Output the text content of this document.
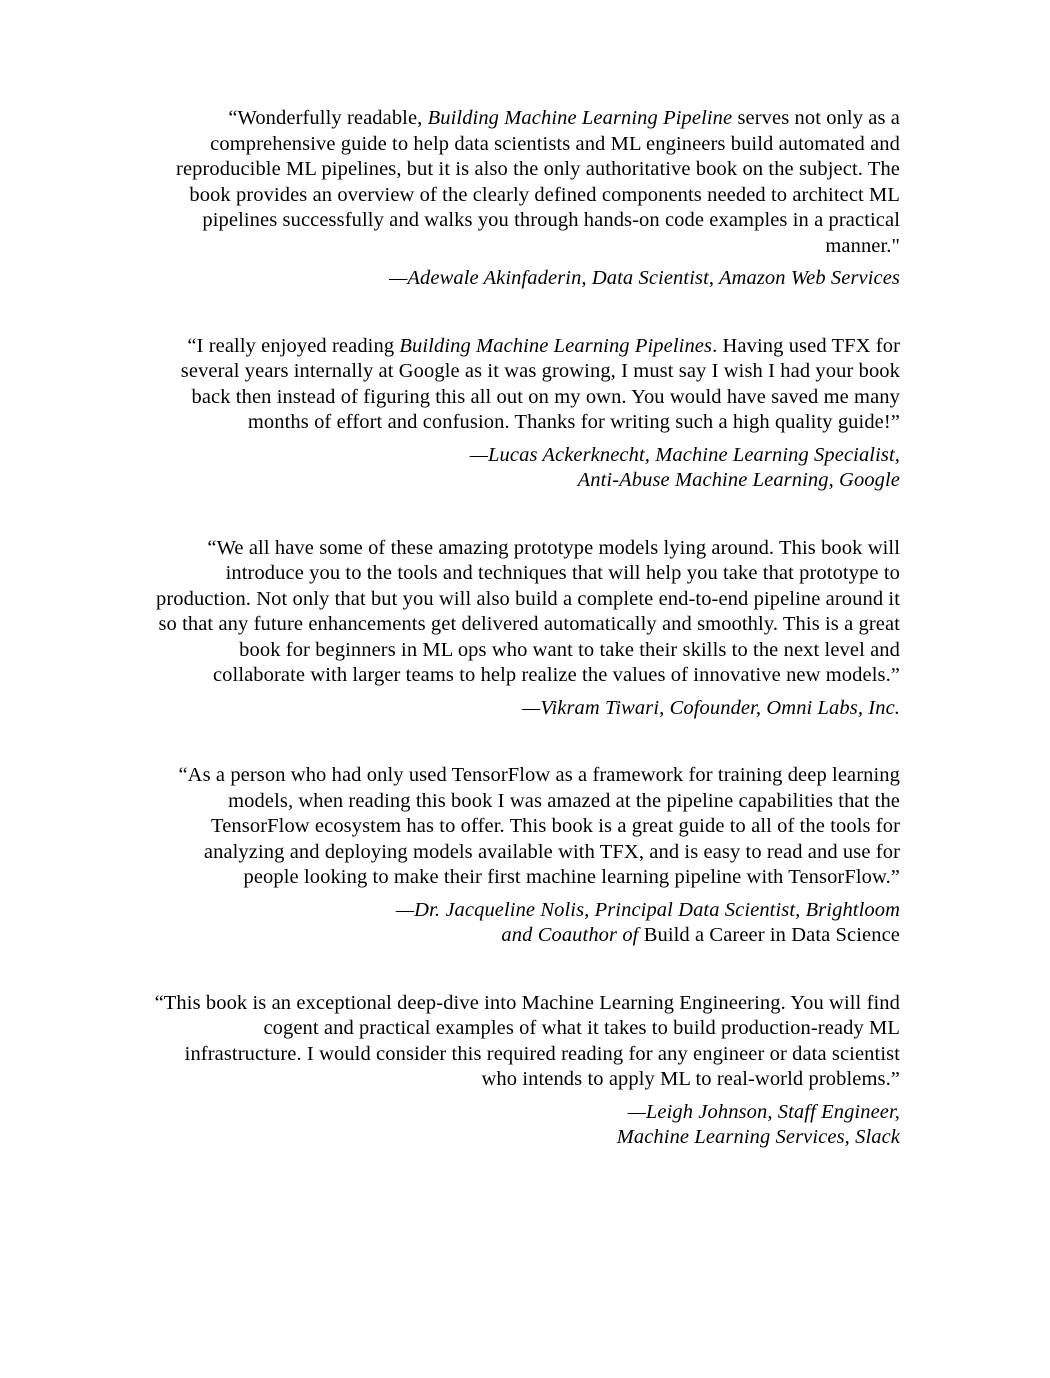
“Wonderfully readable, Building Machine Learning Pipeline serves not only as a comprehensive guide to help data scientists and ML engineers build automated and reproducible ML pipelines, but it is also the only authoritative book on the subject. The book provides an overview of the clearly defined components needed to architect ML pipelines successfully and walks you through hands-on code examples in a practical manner."

—Adewale Akinfaderin, Data Scientist, Amazon Web Services

“I really enjoyed reading Building Machine Learning Pipelines. Having used TFX for several years internally at Google as it was growing, I must say I wish I had your book back then instead of figuring this all out on my own. You would have saved me many months of effort and confusion. Thanks for writing such a high quality guide!”

—Lucas Ackerknecht, Machine Learning Specialist,
Anti-Abuse Machine Learning, Google

“We all have some of these amazing prototype models lying around. This book will introduce you to the tools and techniques that will help you take that prototype to production. Not only that but you will also build a complete end-to-end pipeline around it so that any future enhancements get delivered automatically and smoothly. This is a great book for beginners in ML ops who want to take their skills to the next level and collaborate with larger teams to help realize the values of innovative new models.”

—Vikram Tiwari, Cofounder, Omni Labs, Inc.

“As a person who had only used TensorFlow as a framework for training deep learning models, when reading this book I was amazed at the pipeline capabilities that the TensorFlow ecosystem has to offer. This book is a great guide to all of the tools for analyzing and deploying models available with TFX, and is easy to read and use for people looking to make their first machine learning pipeline with TensorFlow.”

—Dr. Jacqueline Nolis, Principal Data Scientist, Brightloom
and Coauthor of Build a Career in Data Science

“This book is an exceptional deep-dive into Machine Learning Engineering. You will find cogent and practical examples of what it takes to build production-ready ML infrastructure. I would consider this required reading for any engineer or data scientist who intends to apply ML to real-world problems.”

—Leigh Johnson, Staff Engineer,
Machine Learning Services, Slack
